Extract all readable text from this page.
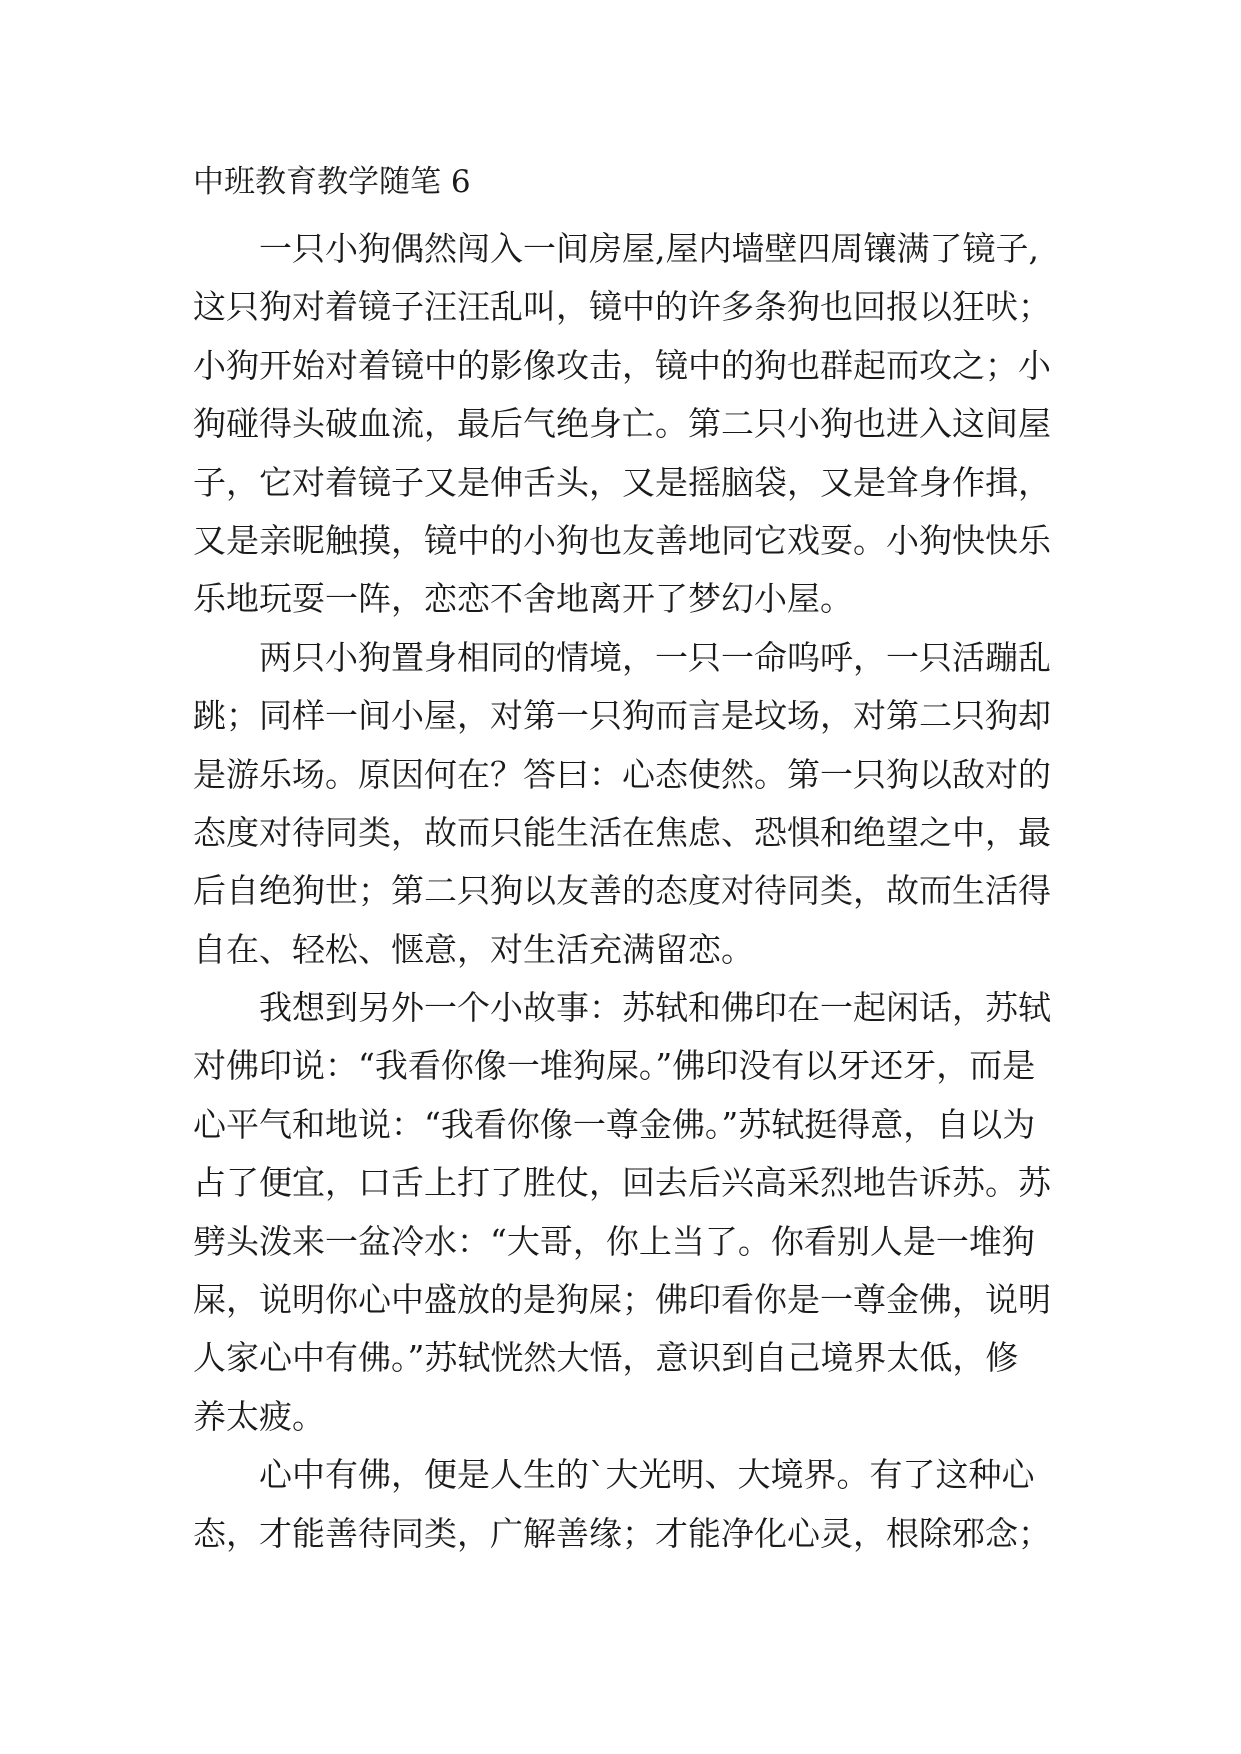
中班教育教学随笔 6
一只小狗偶然闯入一间房屋,屋内墙壁四周镶满了镜子,
这只狗对着镜子汪汪乱叫，镜中的许多条狗也回报以狂吠；
小狗开始对着镜中的影像攻击，镜中的狗也群起而攻之；小
狗碰得头破血流，最后气绝身亡。第二只小狗也进入这间屋
子，它对着镜子又是伸舌头，又是摇脑袋，又是耸身作揖，
又是亲昵触摸，镜中的小狗也友善地同它戏耍。小狗快快乐
乐地玩耍一阵，恋恋不舍地离开了梦幻小屋。
两只小狗置身相同的情境，一只一命呜呼，一只活蹦乱
跳；同样一间小屋，对第一只狗而言是坟场，对第二只狗却
是游乐场。原因何在？答曰：心态使然。第一只狗以敌对的
态度对待同类，故而只能生活在焦虑、恐惧和绝望之中，最
后自绝狗世；第二只狗以友善的态度对待同类，故而生活得
自在、轻松、惬意，对生活充满留恋。
我想到另外一个小故事：苏轼和佛印在一起闲话，苏轼
对佛印说：“我看你像一堆狗屎。”佛印没有以牙还牙，而是
心平气和地说：“我看你像一尊金佛。”苏轼挺得意，自以为
占了便宜，口舌上打了胜仗，回去后兴高采烈地告诉苏。苏
劈头泼来一盆冷水：“大哥，你上当了。你看别人是一堆狗
屎，说明你心中盛放的是狗屎；佛印看你是一尊金佛，说明
人家心中有佛。”苏轼恍然大悟，意识到自己境界太低，修
养太疲。
心中有佛，便是人生的`大光明、大境界。有了这种心
态，才能善待同类，广解善缘；才能净化心灵，根除邪念；
